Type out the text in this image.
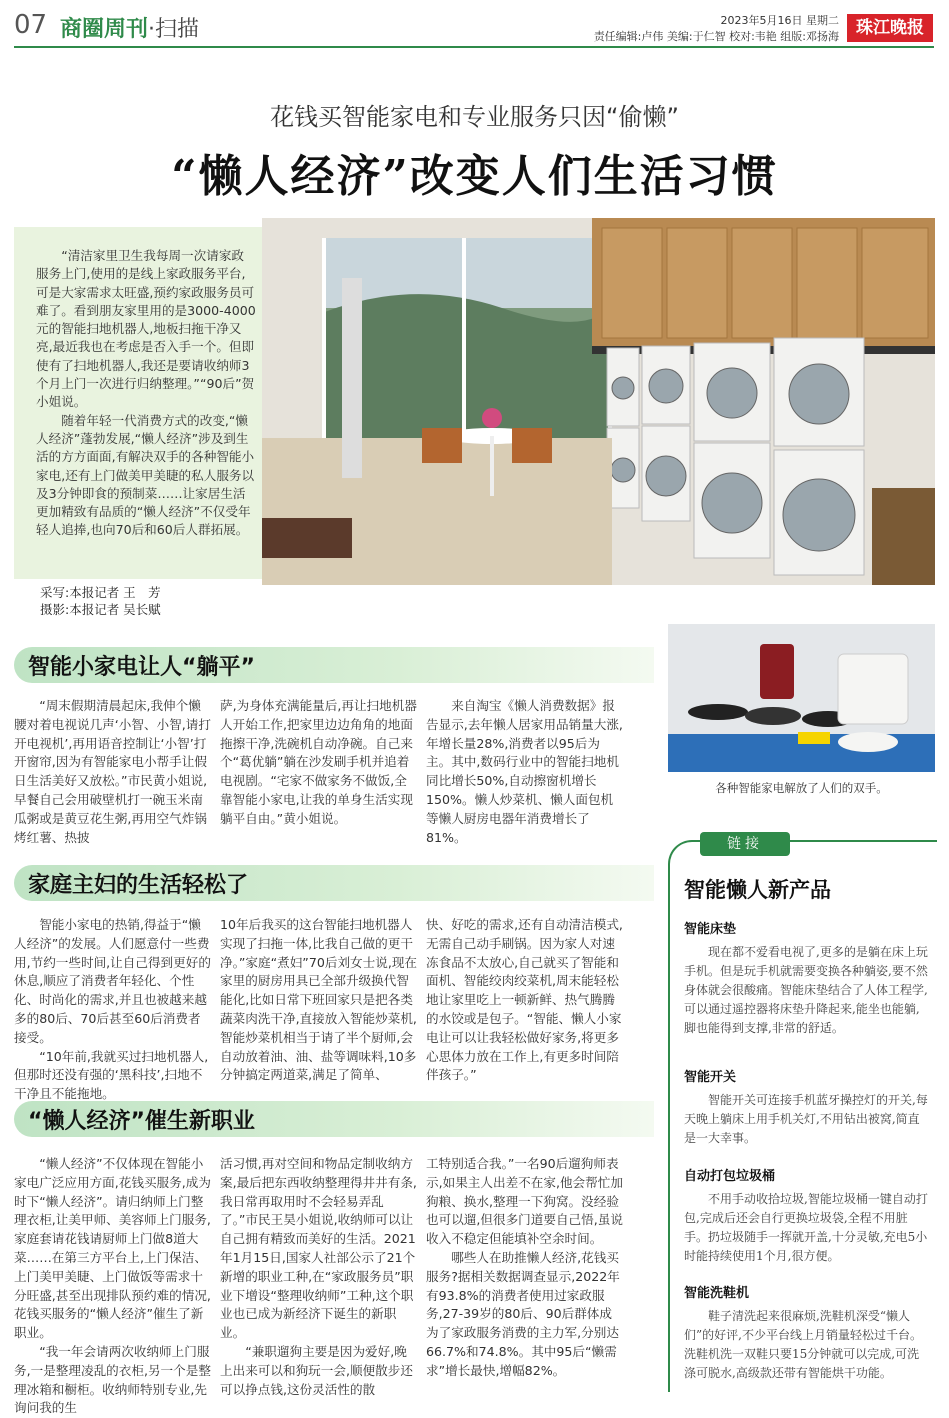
07 商圈周刊·扫描	2023年5月16日 星期二
责任编辑:卢伟 美编:于仁智 校对:韦艳 组版:邓扬海	珠江晚报
花钱买智能家电和专业服务只因“偷懒”
“懒人经济”改变人们生活习惯

“清洁家里卫生我每周一次请家政服务上门,使用的是线上家政服务平台,可是大家需求太旺盛,预约家政服务员可难了。看到朋友家里用的是3000-4000元的智能扫地机器人,地板扫拖干净又亮,最近我也在考虑是否入手一个。但即使有了扫地机器人,我还是要请收纳师3个月上门一次进行归纳整理。”“90后”贺小姐说。

随着年轻一代消费方式的改变,“懒人经济”蓬勃发展,“懒人经济”涉及到生活的方方面面,有解决双手的各种智能小家电,还有上门做美甲美睫的私人服务以及3分钟即食的预制菜……让家居生活更加精致有品质的“懒人经济”不仅受年轻人追捧,也向70后和60后人群拓展。

采写:本报记者 王　芳
摄影:本报记者 吴长赋
智能小家电让人“躺平”

“周末假期清晨起床,我伸个懒腰对着电视说几声‘小智、小智,请打开电视机’,再用语音控制让‘小智’打开窗帘,因为有智能家电小帮手让假日生活美好又放松。”市民黄小姐说,早餐自己会用破壁机打一碗玉米南瓜粥或是黄豆花生粥,再用空气炸锅烤红薯、热披

萨,为身体充满能量后,再让扫地机器人开始工作,把家里边边角角的地面拖擦干净,洗碗机自动净碗。自己来个“葛优躺”躺在沙发刷手机并追着电视剧。“宅家不做家务不做饭,全靠智能小家电,让我的单身生活实现躺平自由。”黄小姐说。

来自淘宝《懒人消费数据》报告显示,去年懒人居家用品销量大涨,年增长量28%,消费者以95后为主。其中,数码行业中的智能扫地机同比增长50%,自动擦窗机增长150%。懒人炒菜机、懒人面包机等懒人厨房电器年消费增长了81%。

各种智能家电解放了人们的双手。
家庭主妇的生活轻松了

智能小家电的热销,得益于“懒人经济”的发展。人们愿意付一些费用,节约一些时间,让自己得到更好的休息,顺应了消费者年轻化、个性化、时尚化的需求,并且也被越来越多的80后、70后甚至60后消费者接受。

“10年前,我就买过扫地机器人,但那时还没有强的‘黑科技’,扫地不干净且不能拖地。

10年后我买的这台智能扫地机器人实现了扫拖一体,比我自己做的更干净。”家庭“煮妇”70后刘女士说,现在家里的厨房用具已全部升级换代智能化,比如日常下班回家只是把各类蔬菜肉洗干净,直接放入智能炒菜机,智能炒菜机相当于请了半个厨师,会自动放着油、油、盐等调味料,10多分钟搞定两道菜,满足了简单、

快、好吃的需求,还有自动清洁模式,无需自己动手刷锅。因为家人对速冻食品不太放心,自己就买了智能和面机、智能绞肉绞菜机,周末能轻松地让家里吃上一顿新鲜、热气腾腾的水饺或是包子。“智能、懒人小家电让可以让我轻松做好家务,将更多心思体力放在工作上,有更多时间陪伴孩子。”

“懒人经济”催生新职业

“懒人经济”不仅体现在智能小家电广泛应用方面,花钱买服务,成为时下“懒人经济”。请归纳师上门整理衣柜,让美甲师、美容师上门服务,家庭套请花钱请厨师上门做8道大菜……在第三方平台上,上门保洁、上门美甲美睫、上门做饭等需求十分旺盛,甚至出现排队预约难的情况,花钱买服务的“懒人经济”催生了新职业。

“我一年会请两次收纳师上门服务,一是整理凌乱的衣柜,另一个是整理冰箱和橱柜。收纳师特别专业,先询问我的生

活习惯,再对空间和物品定制收纳方案,最后把东西收纳整理得井井有条,我日常再取用时不会轻易弄乱了。”市民王昊小姐说,收纳师可以让自己拥有精致而美好的生活。2021年1月15日,国家人社部公示了21个新增的职业工种,在“家政服务员”职业下增设“整理收纳师”工种,这个职业也已成为新经济下诞生的新职业。

“兼职遛狗主要是因为爱好,晚上出来可以和狗玩一会,顺便散步还可以挣点钱,这份灵活性的散

工特别适合我。”一名90后遛狗师表示,如果主人出差不在家,他会帮忙加狗粮、换水,整理一下狗窝。没经验也可以遛,但很多门道要自己悟,虽说收入不稳定但能填补空余时间。

哪些人在助推懒人经济,花钱买服务?据相关数据调查显示,2022年有93.8%的消费者使用过家政服务,27-39岁的80后、90后群体成为了家政服务消费的主力军,分别达66.7%和74.8%。其中95后“懒需求”增长最快,增幅82%。

链接
智能懒人新产品
智能床垫

现在都不爱看电视了,更多的是躺在床上玩手机。但是玩手机就需要变换各种躺姿,要不然身体就会很酸痛。智能床垫结合了人体工程学,可以通过遥控器将床垫升降起来,能坐也能躺,脚也能得到支撑,非常的舒适。

智能开关

智能开关可连接手机蓝牙操控灯的开关,每天晚上躺床上用手机关灯,不用钻出被窝,简直是一大幸事。

自动打包垃圾桶

不用手动收拾垃圾,智能垃圾桶一键自动打包,完成后还会自行更换垃圾袋,全程不用脏手。扔垃圾随手一挥就开盖,十分灵敏,充电5小时能持续使用1个月,很方便。

智能洗鞋机

鞋子清洗起来很麻烦,洗鞋机深受“懒人们”的好评,不少平台线上月销量轻松过千台。洗鞋机洗一双鞋只要15分钟就可以完成,可洗涤可脱水,高级款还带有智能烘干功能。
